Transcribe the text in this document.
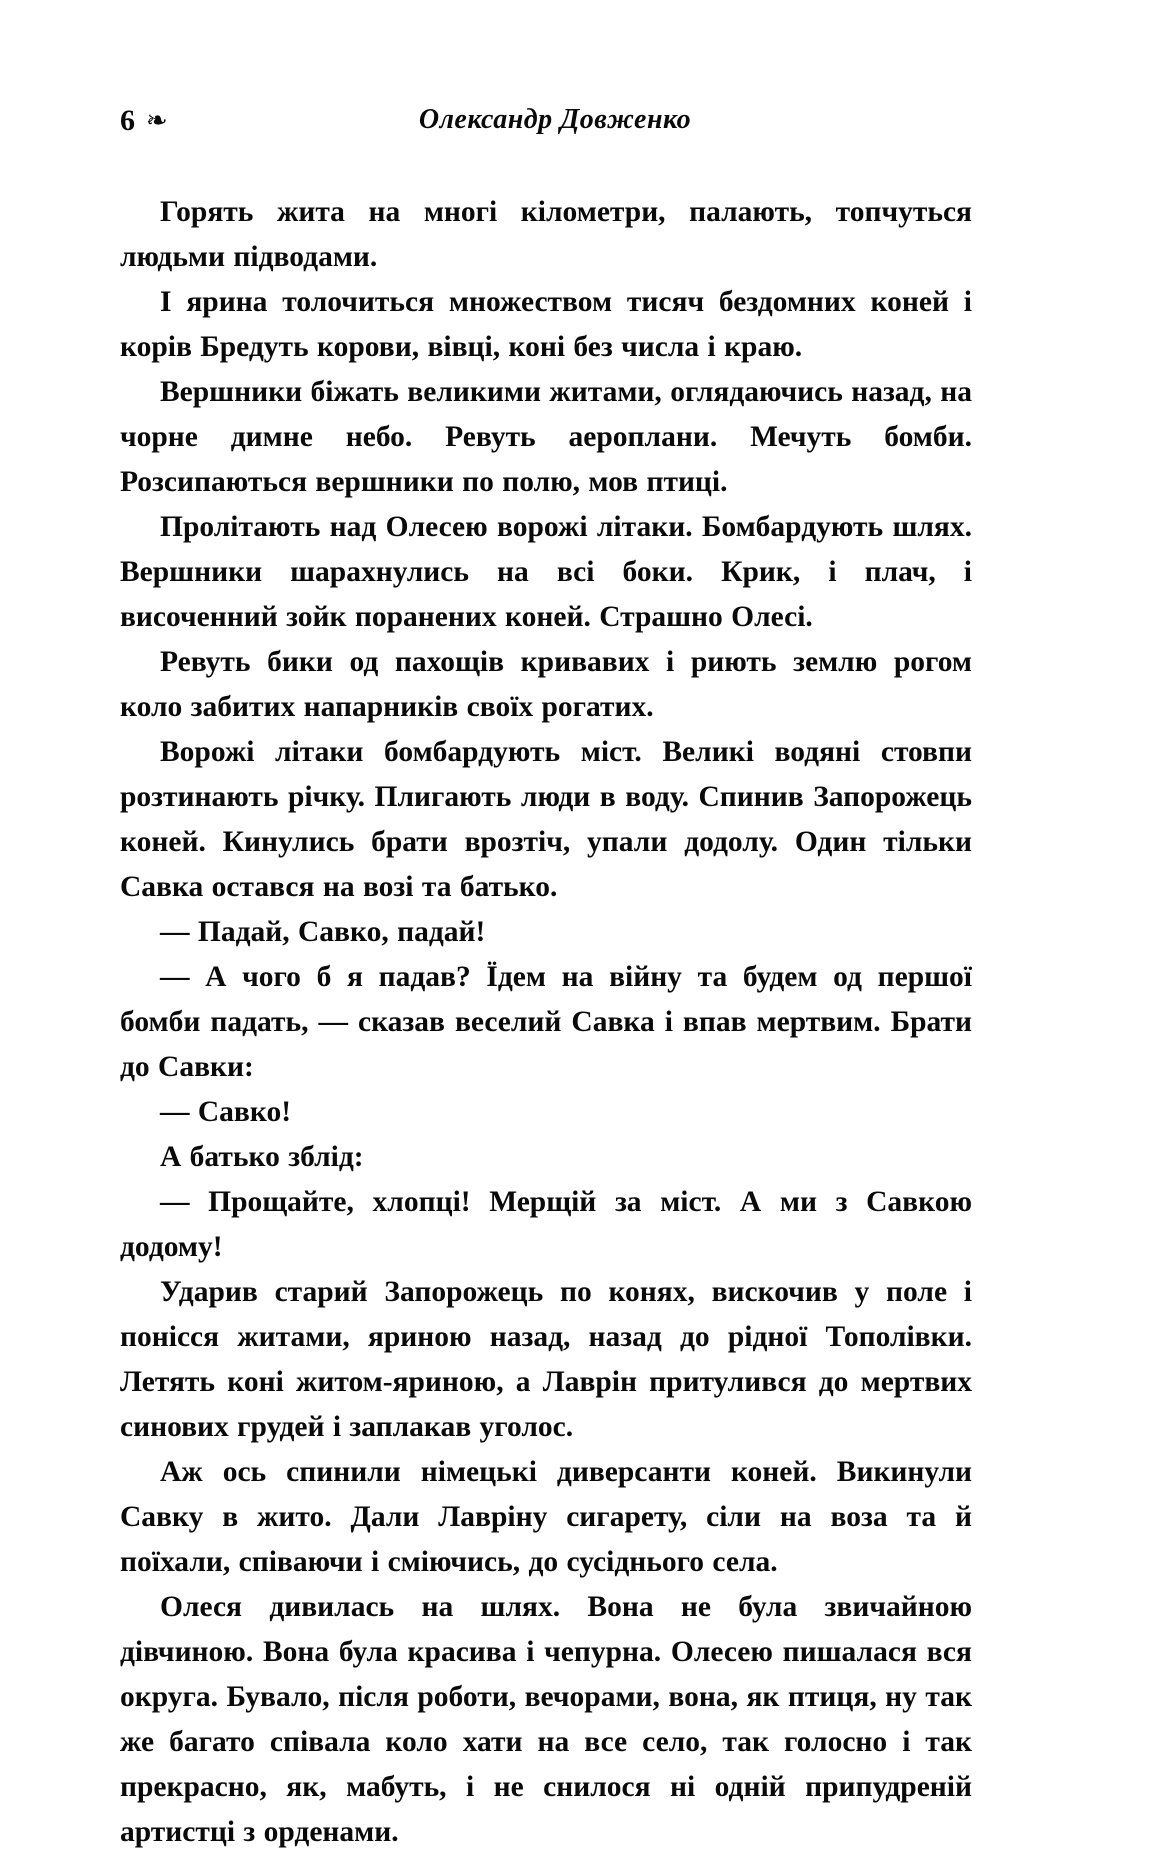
6 ❧	Олександр Довженко

Горять жита на многі кілометри, палають, топчуться людьми підводами.

І ярина толочиться множеством тисяч бездомних коней і корів Бредуть корови, вівці, коні без числа і краю.

Вершники біжать великими житами, оглядаючись назад, на чорне димне небо. Ревуть аероплани. Мечуть бомби. Розсипаються вершники по полю, мов птиці.

Пролітають над Олесею ворожі літаки. Бомбардують шлях. Вершники шарахнулись на всі боки. Крик, і плач, і височенний зойк поранених коней. Страшно Олесі.

Ревуть бики од пахощів кривавих і риють землю рогом коло забитих напарників своїх рогатих.

Ворожі літаки бомбардують міст. Великі водяні стовпи розтинають річку. Плигають люди в воду. Спинив Запорожець коней. Кинулись брати врозтіч, упали додолу. Один тільки Савка остався на возі та батько.

— Падай, Савко, падай!

— А чого б я падав? Їдем на війну та будем од першої бомби падать, — сказав веселий Савка і впав мертвим. Брати до Савки:

— Савко!

А батько зблід:

— Прощайте, хлопці! Мерщій за міст. А ми з Савкою додому!

Ударив старий Запорожець по конях, вискочив у поле і понісся житами, яриною назад, назад до рідної Тополівки. Летять коні житом-яриною, а Лаврін притулився до мертвих синових грудей і заплакав уголос.

Аж ось спинили німецькі диверсанти коней. Викинули Савку в жито. Дали Лавріну сигарету, сіли на воза та й поїхали, співаючи і сміючись, до сусіднього села.

Олеся дивилась на шлях. Вона не була звичайною дівчиною. Вона була красива і чепурна. Олесею пишалася вся округа. Бувало, після роботи, вечорами, вона, як птиця, ну так же багато співала коло хати на все село, так голосно і так прекрасно, як, мабуть, і не снилося ні одній припудреній артистці з орденами.
